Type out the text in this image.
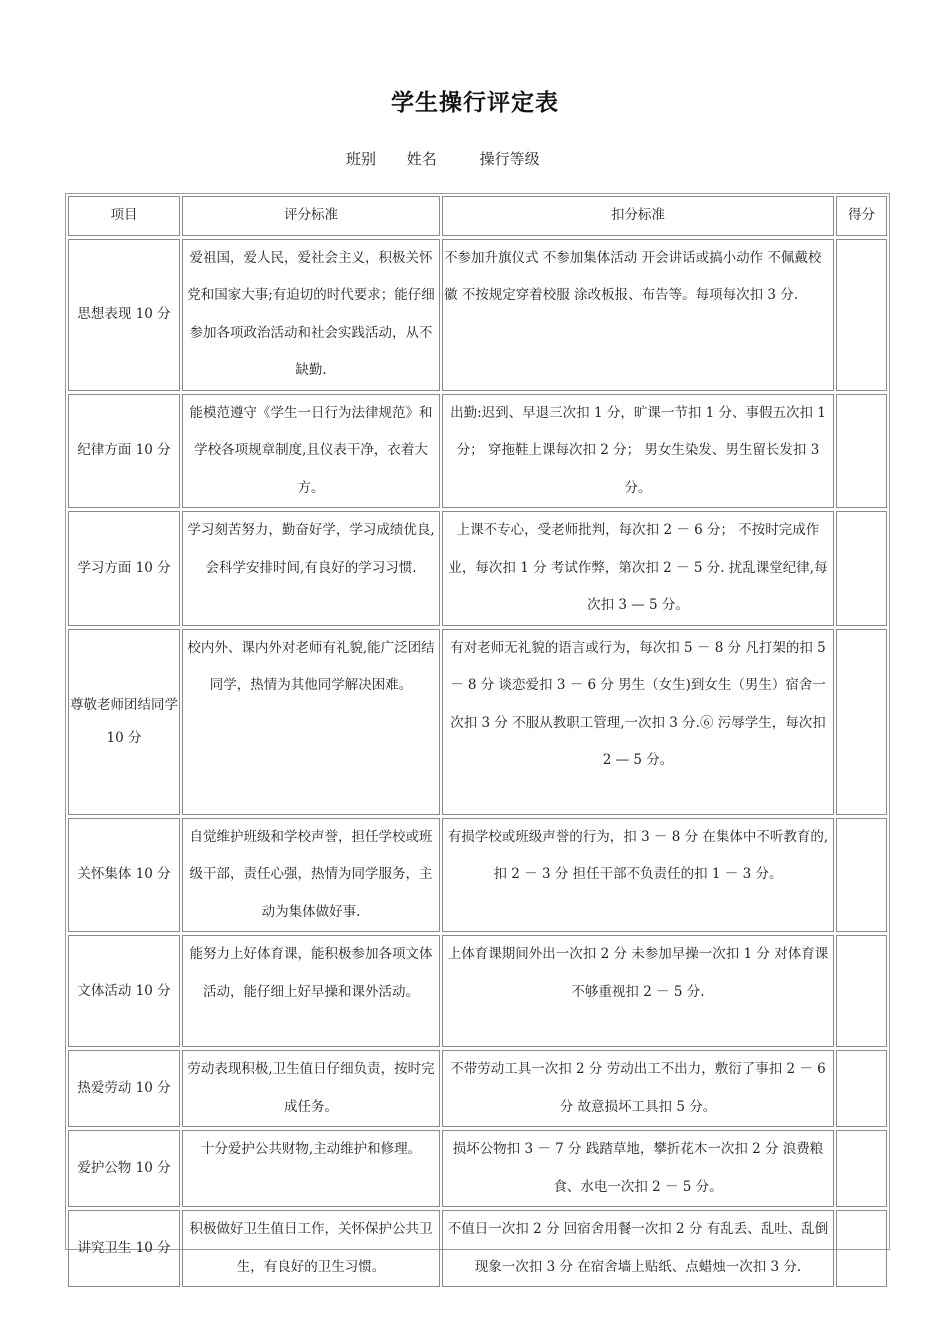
学生操行评定表
班别 姓名	操行等级
项目		评分标准		扣分标准		得分

思想表现 10 分		爱祖国，爱人民，爱社会主义，积极关怀党和国家大事;有迫切的时代要求；能仔细参加各项政治活动和社会实践活动，从不缺勤.		不参加升旗仪式 不参加集体活动 开会讲话或搞小动作 不佩戴校徽 不按规定穿着校服 涂改板报、布告等。每项每次扣 3 分.		

纪律方面 10 分		能模范遵守《学生一日行为法律规范》和学校各项规章制度,且仪表干净，衣着大方。		出勤:迟到、早退三次扣 1 分，旷课一节扣 1 分、事假五次扣 1 分； 穿拖鞋上课每次扣 2 分； 男女生染发、男生留长发扣 3 分。		

学习方面 10 分		学习刻苦努力，勤奋好学，学习成绩优良,会科学安排时间,有良好的学习习惯.		上课不专心，受老师批判，每次扣 2 － 6 分； 不按时完成作业，每次扣 1 分 考试作弊，第次扣 2 － 5 分. 扰乱课堂纪律,每次扣 3 — 5 分。		

尊敬老师团结同学 10 分		校内外、课内外对老师有礼貌,能广泛团结同学，热情为其他同学解决困难。		有对老师无礼貌的语言或行为，每次扣 5 － 8 分 凡打架的扣 5 － 8 分 谈恋爱扣 3 － 6 分 男生（女生)到女生（男生）宿舍一次扣 3 分 不服从教职工管理,一次扣 3 分.⑥ 污辱学生，每次扣 2 — 5 分。		

关怀集体 10 分		自觉维护班级和学校声誉，担任学校或班级干部，责任心强，热情为同学服务，主动为集体做好事.		有损学校或班级声誉的行为，扣 3 － 8 分 在集体中不听教育的,扣 2 － 3 分 担任干部不负责任的扣 1 － 3 分。		

文体活动 10 分		能努力上好体育课，能积极参加各项文体活动，能仔细上好早操和课外活动。		上体育课期间外出一次扣 2 分 未参加早操一次扣 1 分 对体育课不够重视扣 2 － 5 分.		

热爱劳动 10 分		劳动表现积极,卫生值日仔细负责，按时完成任务。		不带劳动工具一次扣 2 分 劳动出工不出力，敷衍了事扣 2 － 6 分 故意损坏工具扣 5 分。		

爱护公物 10 分		十分爱护公共财物,主动维护和修理。		损坏公物扣 3 － 7 分 践踏草地，攀折花木一次扣 2 分 浪费粮食、水电一次扣 2 － 5 分。		

讲究卫生 10 分		积极做好卫生值日工作，关怀保护公共卫生，有良好的卫生习惯。		不值日一次扣 2 分 回宿舍用餐一次扣 2 分 有乱丢、乱吐、乱倒现象一次扣 3 分 在宿舍墙上贴纸、点蜡烛一次扣 3 分.		
